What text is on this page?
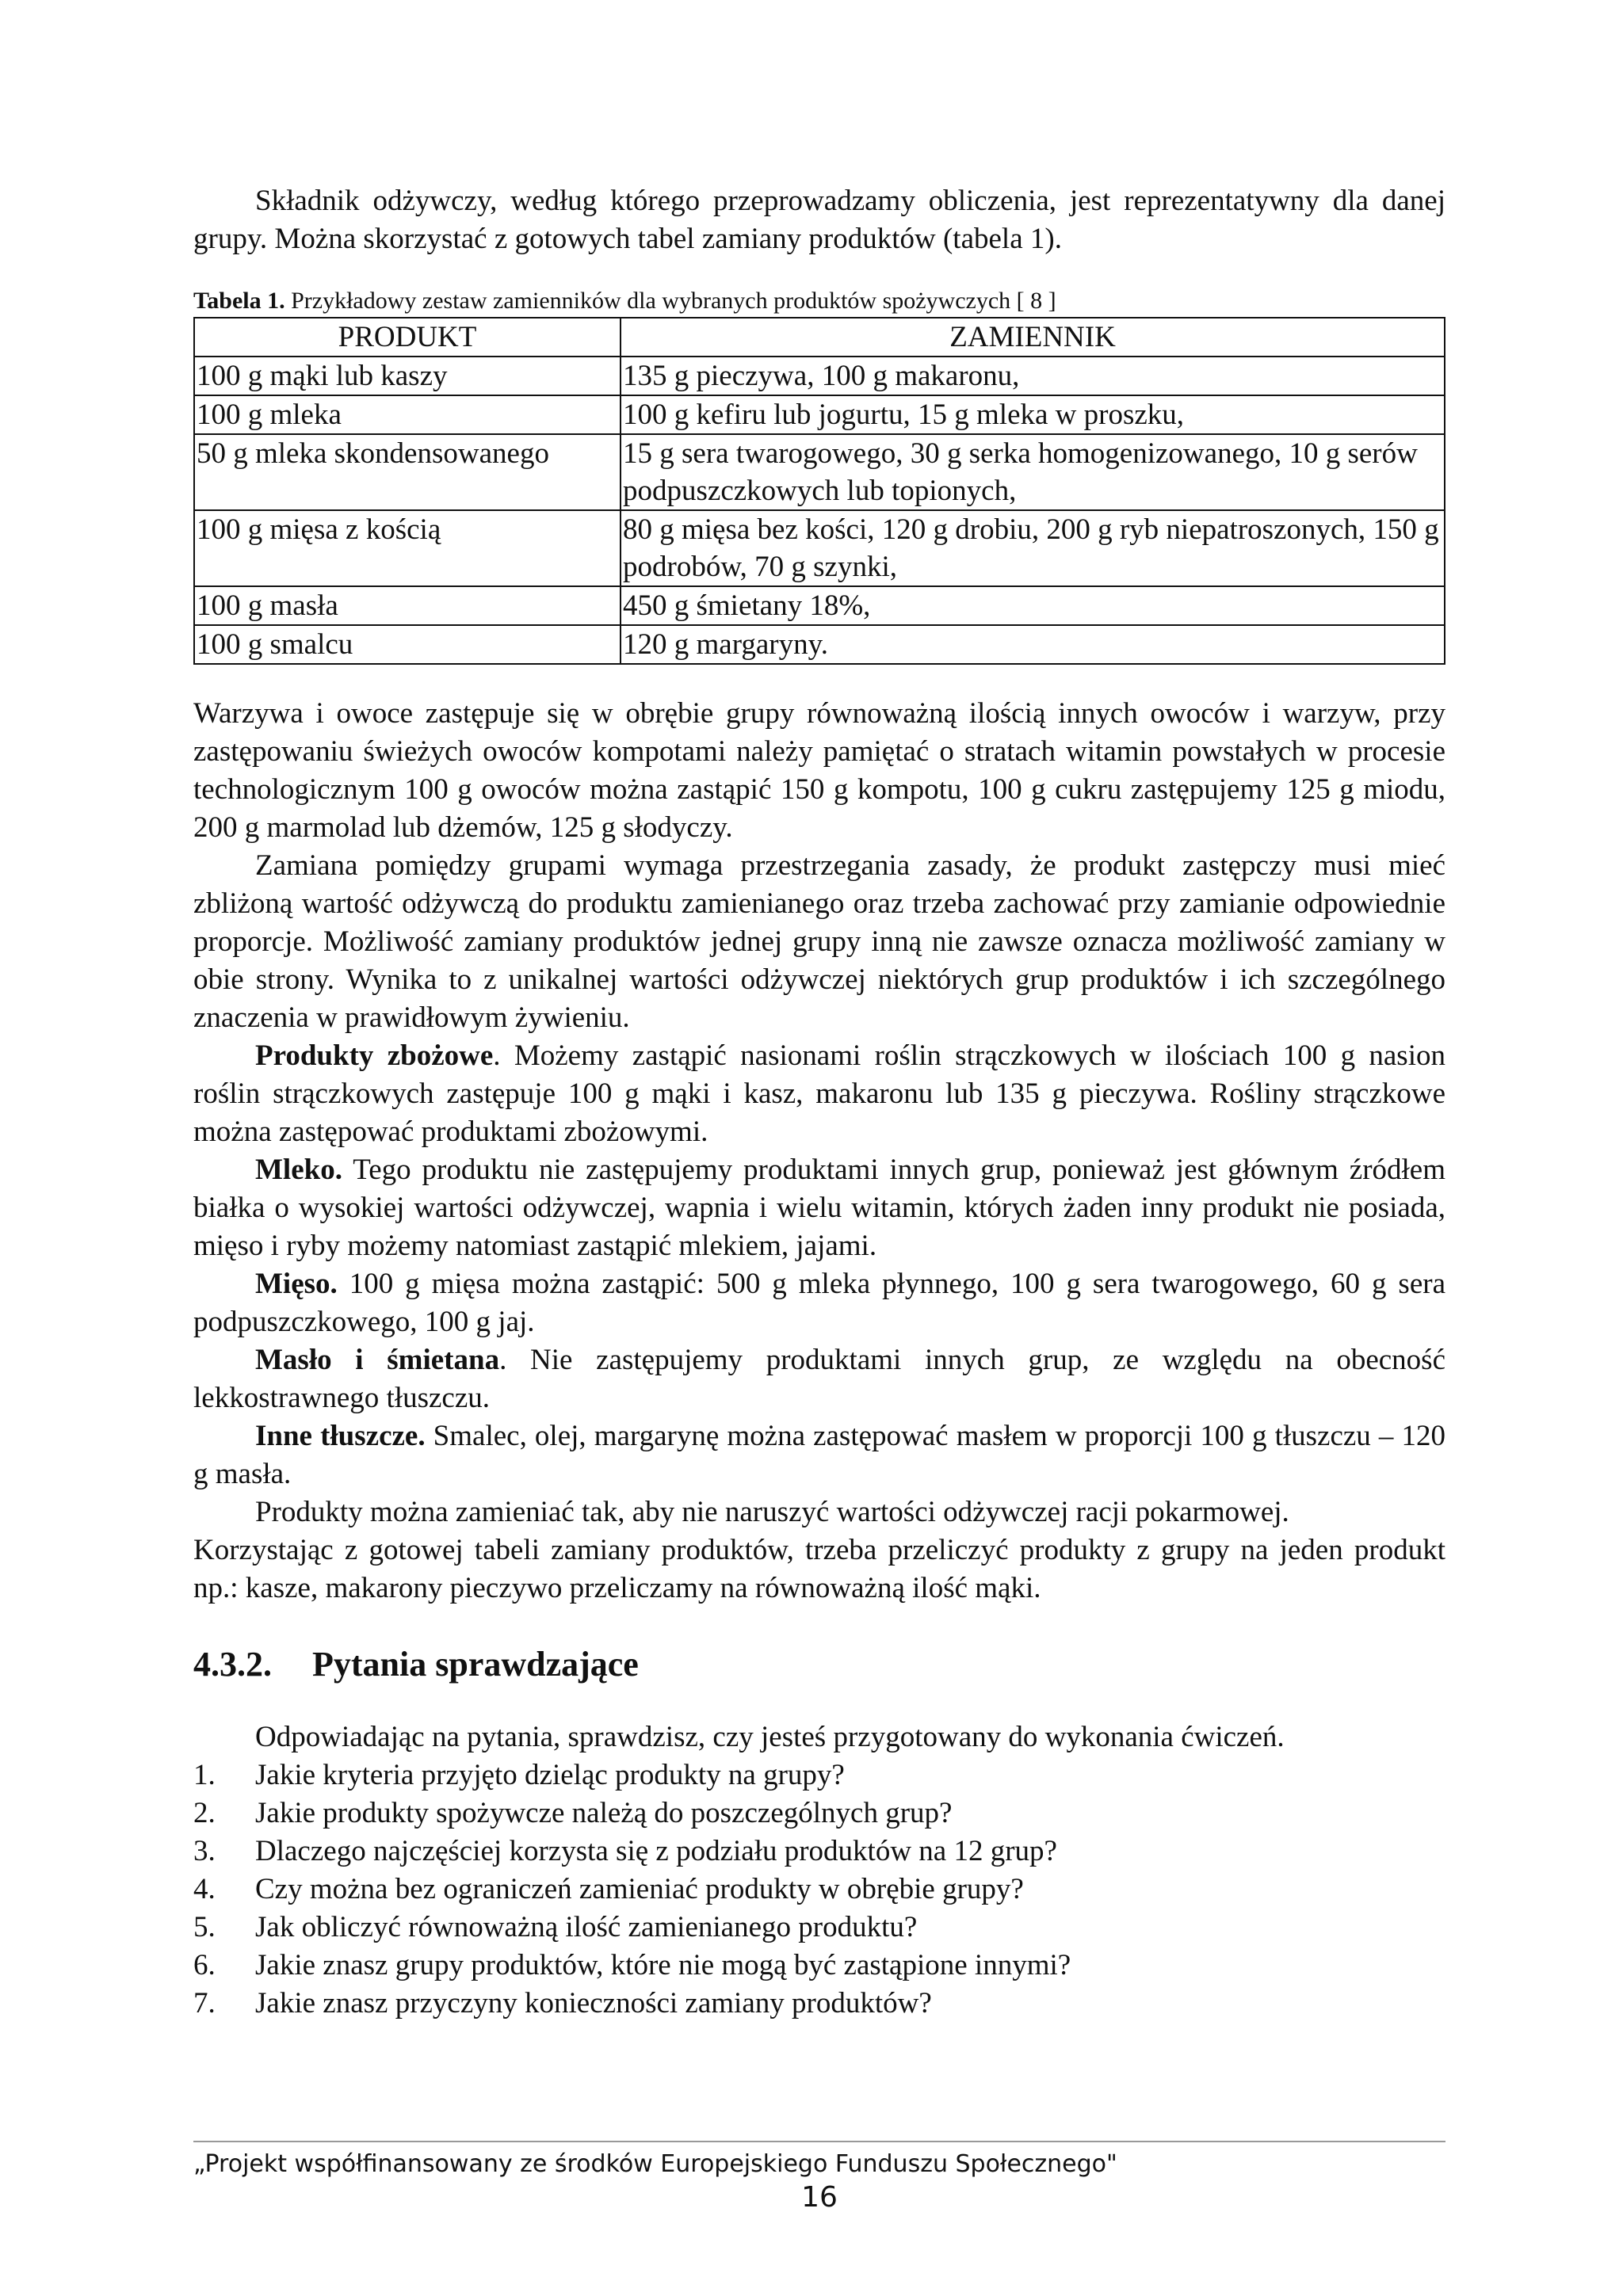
Składnik odżywczy, według którego przeprowadzamy obliczenia, jest reprezentatywny dla danej grupy. Można skorzystać z gotowych tabel zamiany produktów (tabela 1).

Tabela 1. Przykładowy zestaw zamienników dla wybranych produktów spożywczych [ 8 ]

PRODUKT	ZAMIENNIK
100 g mąki lub kaszy	135 g pieczywa, 100 g makaronu,
100 g mleka	100 g kefiru lub jogurtu, 15 g mleka w proszku,
50 g mleka skondensowanego	15 g sera twarogowego, 30 g serka homogenizowanego, 10 g serów podpuszczkowych lub topionych,
100 g mięsa z kością	80 g mięsa bez kości, 120 g drobiu, 200 g ryb niepatroszonych, 150 g podrobów, 70 g szynki,
100 g masła	450 g śmietany 18%,
100 g smalcu	120 g margaryny.

Warzywa i owoce zastępuje się w obrębie grupy równoważną ilością innych owoców i warzyw, przy zastępowaniu świeżych owoców kompotami należy pamiętać o stratach witamin powstałych w procesie technologicznym 100 g owoców można zastąpić 150 g kompotu, 100 g cukru zastępujemy 125 g miodu, 200 g marmolad lub dżemów, 125 g słodyczy.

Zamiana pomiędzy grupami wymaga przestrzegania zasady, że produkt zastępczy musi mieć zbliżoną wartość odżywczą do produktu zamienianego oraz trzeba zachować przy zamianie odpowiednie proporcje. Możliwość zamiany produktów jednej grupy inną nie zawsze oznacza możliwość zamiany w obie strony. Wynika to z unikalnej wartości odżywczej niektórych grup produktów i ich szczególnego znaczenia w prawidłowym żywieniu.

Produkty zbożowe. Możemy zastąpić nasionami roślin strączkowych w ilościach 100 g nasion roślin strączkowych zastępuje 100 g mąki i kasz, makaronu lub 135 g pieczywa. Rośliny strączkowe można zastępować produktami zbożowymi.

Mleko. Tego produktu nie zastępujemy produktami innych grup, ponieważ jest głównym źródłem białka o wysokiej wartości odżywczej, wapnia i wielu witamin, których żaden inny produkt nie posiada, mięso i ryby możemy natomiast zastąpić mlekiem, jajami.

Mięso. 100 g mięsa można zastąpić: 500 g mleka płynnego, 100 g sera twarogowego, 60 g sera podpuszczkowego, 100 g jaj.

Masło i śmietana. Nie zastępujemy produktami innych grup, ze względu na obecność lekkostrawnego tłuszczu.

Inne tłuszcze. Smalec, olej, margarynę można zastępować masłem w proporcji 100 g tłuszczu – 120 g masła.

Produkty można zamieniać tak, aby nie naruszyć wartości odżywczej racji pokarmowej.

Korzystając z gotowej tabeli zamiany produktów, trzeba przeliczyć produkty z grupy na jeden produkt np.: kasze, makarony pieczywo przeliczamy na równoważną ilość mąki.

4.3.2. Pytania sprawdzające

Odpowiadając na pytania, sprawdzisz, czy jesteś przygotowany do wykonania ćwiczeń.

1.	Jakie kryteria przyjęto dzieląc produkty na grupy?
2.	Jakie produkty spożywcze należą do poszczególnych grup?
3.	Dlaczego najczęściej korzysta się z podziału produktów na 12 grup?
4.	Czy można bez ograniczeń zamieniać produkty w obrębie grupy?
5.	Jak obliczyć równoważną ilość zamienianego produktu?
6.	Jakie znasz grupy produktów, które nie mogą być zastąpione innymi?
7.	Jakie znasz przyczyny konieczności zamiany produktów?
„Projekt współfinansowany ze środków Europejskiego Funduszu Społecznego"
16
